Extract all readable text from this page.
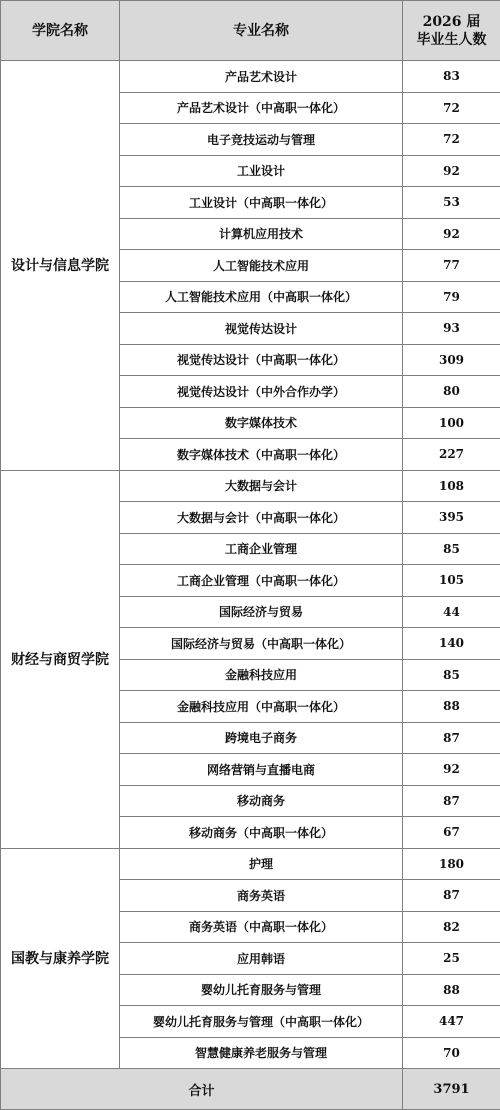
学院名称	专业名称	2026 届
毕业生人数

设计与信息学院	产品艺术设计	83
	产品艺术设计（中高职一体化）	72
	电子竞技运动与管理	72
	工业设计	92
	工业设计（中高职一体化）	53
	计算机应用技术	92
	人工智能技术应用	77
	人工智能技术应用（中高职一体化）	79
	视觉传达设计	93
	视觉传达设计（中高职一体化）	309
	视觉传达设计（中外合作办学）	80
	数字媒体技术	100
	数字媒体技术（中高职一体化）	227
财经与商贸学院	大数据与会计	108
	大数据与会计（中高职一体化）	395
	工商企业管理	85
	工商企业管理（中高职一体化）	105
	国际经济与贸易	44
	国际经济与贸易（中高职一体化）	140
	金融科技应用	85
	金融科技应用（中高职一体化）	88
	跨境电子商务	87
	网络营销与直播电商	92
	移动商务	87
	移动商务（中高职一体化）	67
国教与康养学院	护理	180
	商务英语	87
	商务英语（中高职一体化）	82
	应用韩语	25
	婴幼儿托育服务与管理	88
	婴幼儿托育服务与管理（中高职一体化）	447
	智慧健康养老服务与管理	70
合计		3791
